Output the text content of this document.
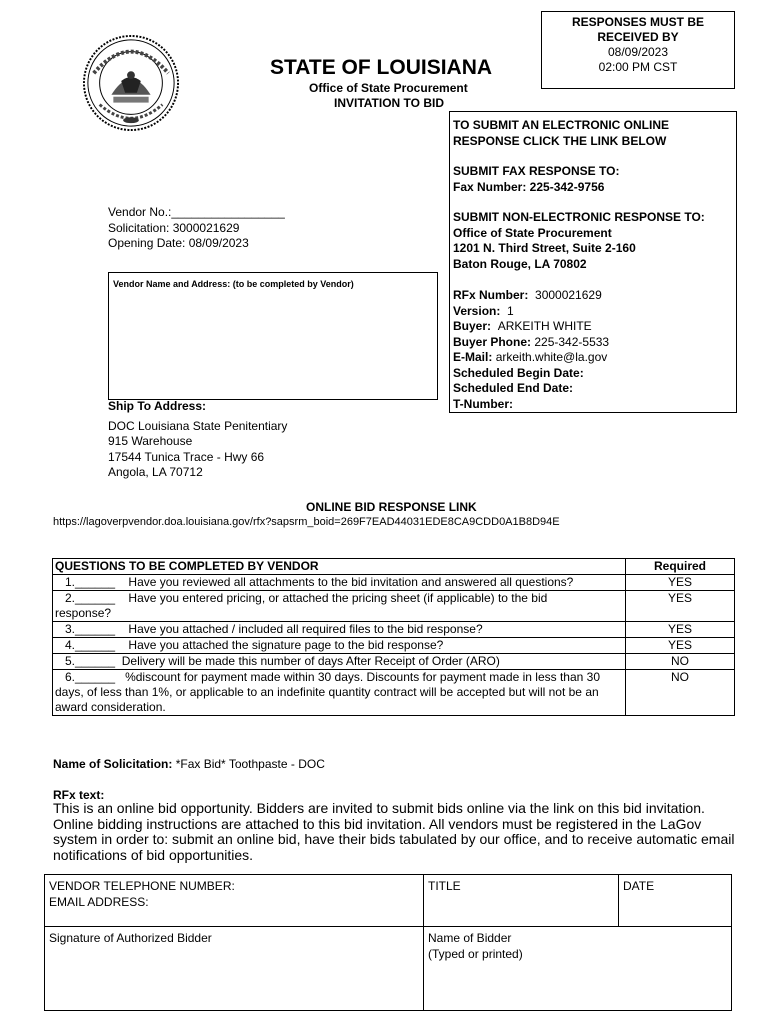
RESPONSES MUST BE
RECEIVED BY
08/09/2023
02:00 PM CST
STATE OF LOUISIANA
Office of State Procurement
INVITATION TO BID
Vendor No.:_________________
Solicitation: 3000021629
Opening Date: 08/09/2023
Vendor Name and Address: (to be completed by Vendor)
Ship To Address:
DOC Louisiana State Penitentiary
915 Warehouse
17544 Tunica Trace - Hwy 66
Angola, LA 70712
TO SUBMIT AN ELECTRONIC ONLINE
RESPONSE CLICK THE LINK BELOW
SUBMIT FAX RESPONSE TO:
Fax Number: 225-342-9756
SUBMIT NON-ELECTRONIC RESPONSE TO:
Office of State Procurement
1201 N. Third Street, Suite 2-160
Baton Rouge, LA 70802
RFx Number: 3000021629
Version: 1
Buyer: ARKEITH WHITE
Buyer Phone: 225-342-5533
E-Mail: arkeith.white@la.gov
Scheduled Begin Date:
Scheduled End Date:
T-Number:
ONLINE BID RESPONSE LINK
https://lagoverpvendor.doa.louisiana.gov/rfx?sapsrm_boid=269F7EAD44031EDE8CA9CDD0A1B8D94E
QUESTIONS TO BE COMPLETED BY VENDOR	Required
1.______ Have you reviewed all attachments to the bid invitation and answered all questions?	YES
2.______ Have you entered pricing, or attached the pricing sheet (if applicable) to the bid
response?	YES
3.______ Have you attached / included all required files to the bid response?	YES
4.______ Have you attached the signature page to the bid response?	YES
5.______ Delivery will be made this number of days After Receipt of Order (ARO)	NO
6.______ %discount for payment made within 30 days. Discounts for payment made in less than 30 days, of less than 1%, or applicable to an indefinite quantity contract will be accepted but will not be an award consideration.	NO
Name of Solicitation: *Fax Bid* Toothpaste - DOC
RFx text:
This is an online bid opportunity. Bidders are invited to submit bids online via the link on this bid invitation. Online bidding instructions are attached to this bid invitation. All vendors must be registered in the LaGov system in order to: submit an online bid, have their bids tabulated by our office, and to receive automatic email notifications of bid opportunities.
VENDOR TELEPHONE NUMBER:
EMAIL ADDRESS:	TITLE	DATE

Signature of Authorized Bidder	Name of Bidder
(Typed or printed)	
